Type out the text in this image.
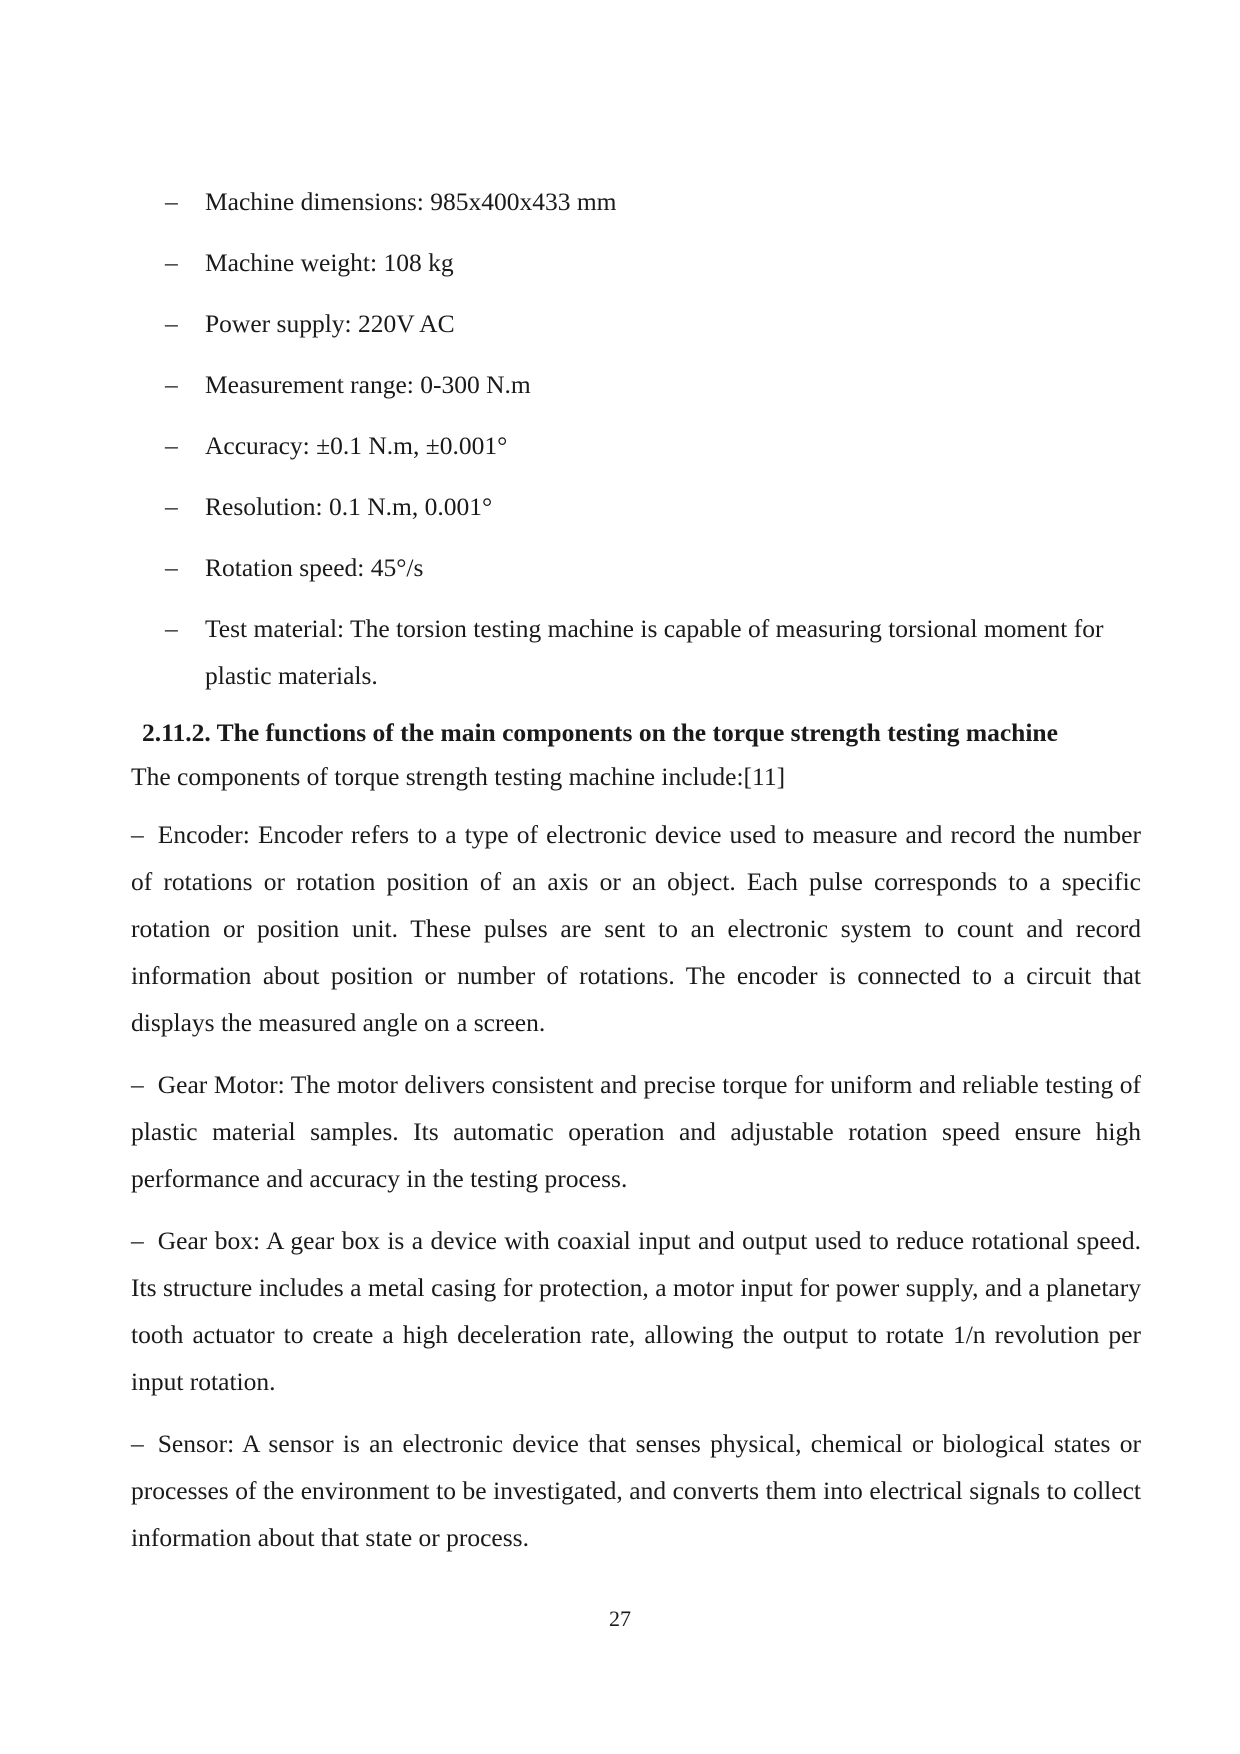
– Machine dimensions: 985x400x433 mm
– Machine weight: 108 kg
– Power supply: 220V AC
– Measurement range: 0-300 N.m
– Accuracy: ±0.1 N.m, ±0.001°
– Resolution: 0.1 N.m, 0.001°
– Rotation speed: 45°/s
– Test material: The torsion testing machine is capable of measuring torsional moment for plastic materials.
2.11.2. The functions of the main components on the torque strength testing machine

The components of torque strength testing machine include:[11]

– Encoder: Encoder refers to a type of electronic device used to measure and record the number of rotations or rotation position of an axis or an object. Each pulse corresponds to a specific rotation or position unit. These pulses are sent to an electronic system to count and record information about position or number of rotations. The encoder is connected to a circuit that displays the measured angle on a screen.

– Gear Motor: The motor delivers consistent and precise torque for uniform and reliable testing of plastic material samples. Its automatic operation and adjustable rotation speed ensure high performance and accuracy in the testing process.

– Gear box: A gear box is a device with coaxial input and output used to reduce rotational speed. Its structure includes a metal casing for protection, a motor input for power supply, and a planetary tooth actuator to create a high deceleration rate, allowing the output to rotate 1/n revolution per input rotation.

– Sensor: A sensor is an electronic device that senses physical, chemical or biological states or processes of the environment to be investigated, and converts them into electrical signals to collect information about that state or process.

27
